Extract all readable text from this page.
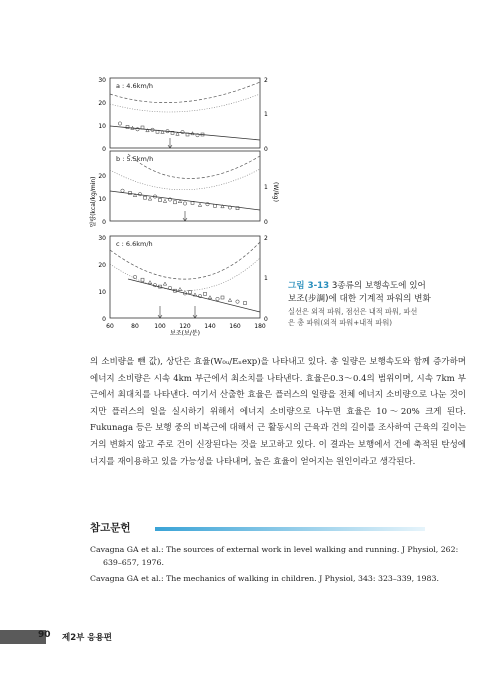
a : 4.6km/h
b : 5.5km/h
c : 6.6km/h
30
20
10
0
20
10
0
30
20
10
0
2
1
0
1
0
2
1
0
일량(kcal/kg/min)	(W/kg)
60	80	100 120 140 160 180
보조(보/분)
그림 3-13 3종류의 보행속도에 있어
보조(步調)에 대한 기계적 파워의 변화
실선은 외적 파워, 점선은 내적 파워, 파선
은 총 파워(외적 파워+내적 파워)

의 소비량을 뺀 값), 상단은 효율(W₀ᵤ/Eₙexp)을 나타내고 있다. 총 일량은 보행속도와 함께 증가하며 에너지 소비량은 시속 4km 부근에서 최소치를 나타낸다. 효율은0.3～0.4의 범위이며, 시속 7km 부근에서 최대치를 나타낸다. 여기서 산출한 효율은 플러스의 일량을 전체 에너지 소비량으로 나눈 것이지만 플러스의 일을 실시하기 위해서 에너지 소비량으로 나누면 효율은 10～20% 크게 된다. Fukunaga 등은 보행 중의 비복근에 대해서 근 활동시의 근육과 건의 길이를 조사하여 근육의 길이는 거의 변화지 않고 주로 건이 신장된다는 것을 보고하고 있다. 이 결과는 보행에서 건에 축적된 탄성에너지를 재이용하고 있을 가능성을 나타내며, 높은 효율이 얻어지는 원인이라고 생각된다.

참고문헌
Cavagna GA et al.: The sources of external work in level walking and running. J Physiol, 262: 639–657, 1976.
Cavagna GA et al.: The mechanics of walking in children. J Physiol, 343: 323–339, 1983.
90 제2부 응용편
